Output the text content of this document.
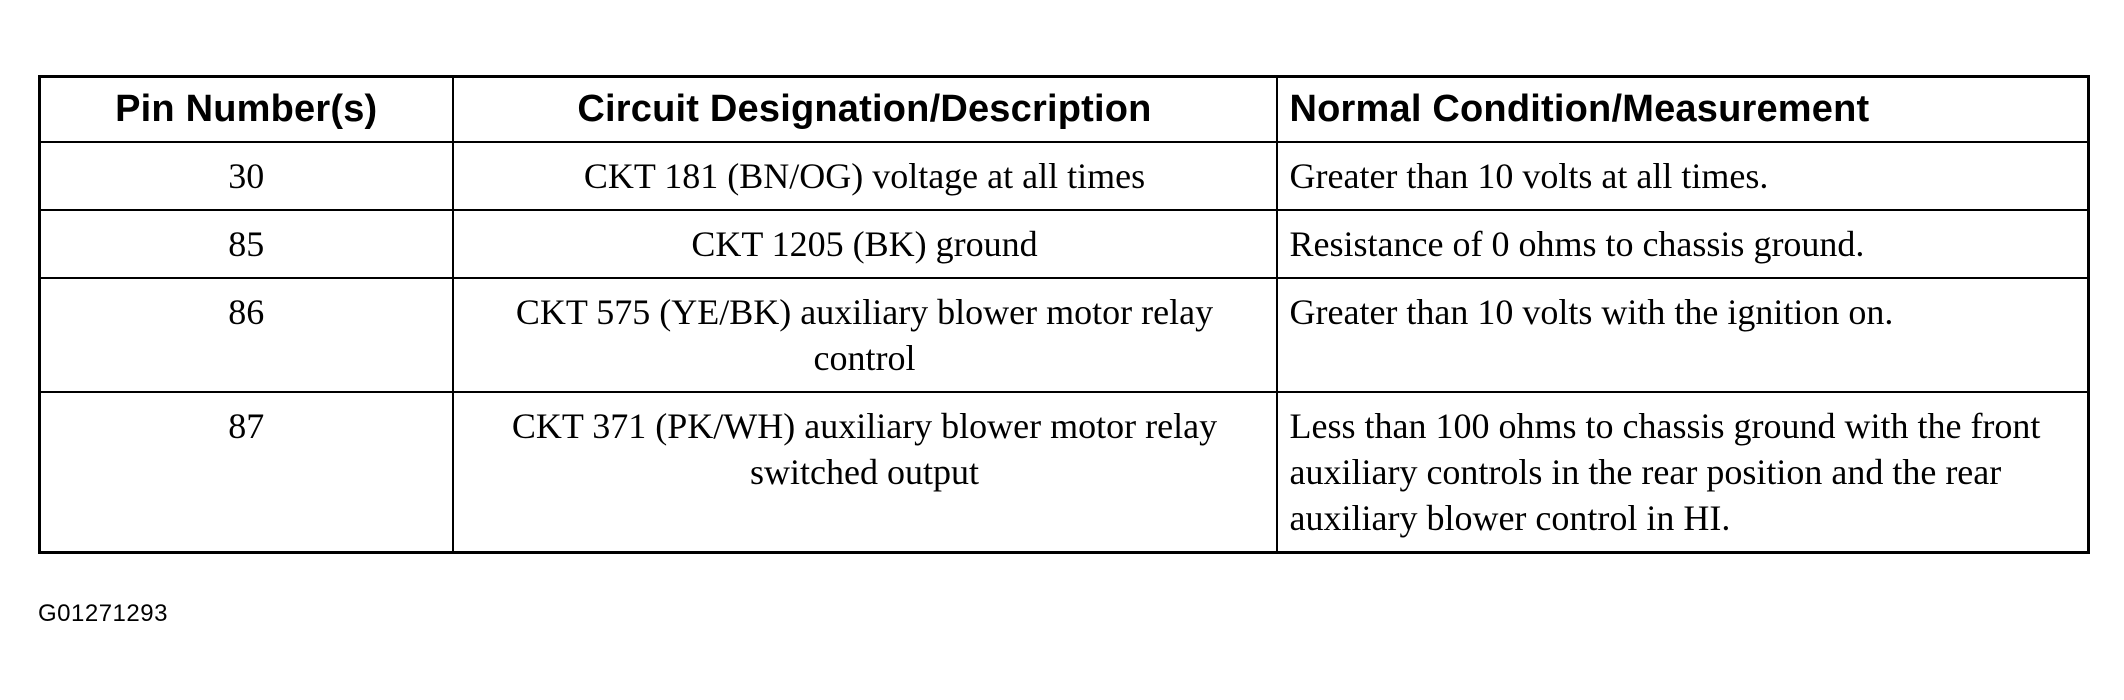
Pin Number(s)	Circuit Designation/Description	Normal Condition/Measurement
30	CKT 181 (BN/OG) voltage at all times	Greater than 10 volts at all times.
85	CKT 1205 (BK) ground	Resistance of 0 ohms to chassis ground.
86	CKT 575 (YE/BK) auxiliary blower motor relay control	Greater than 10 volts with the ignition on.
87	CKT 371 (PK/WH) auxiliary blower motor relay switched output	Less than 100 ohms to chassis ground with the front auxiliary controls in the rear position and the rear auxiliary blower control in HI.
G01271293
